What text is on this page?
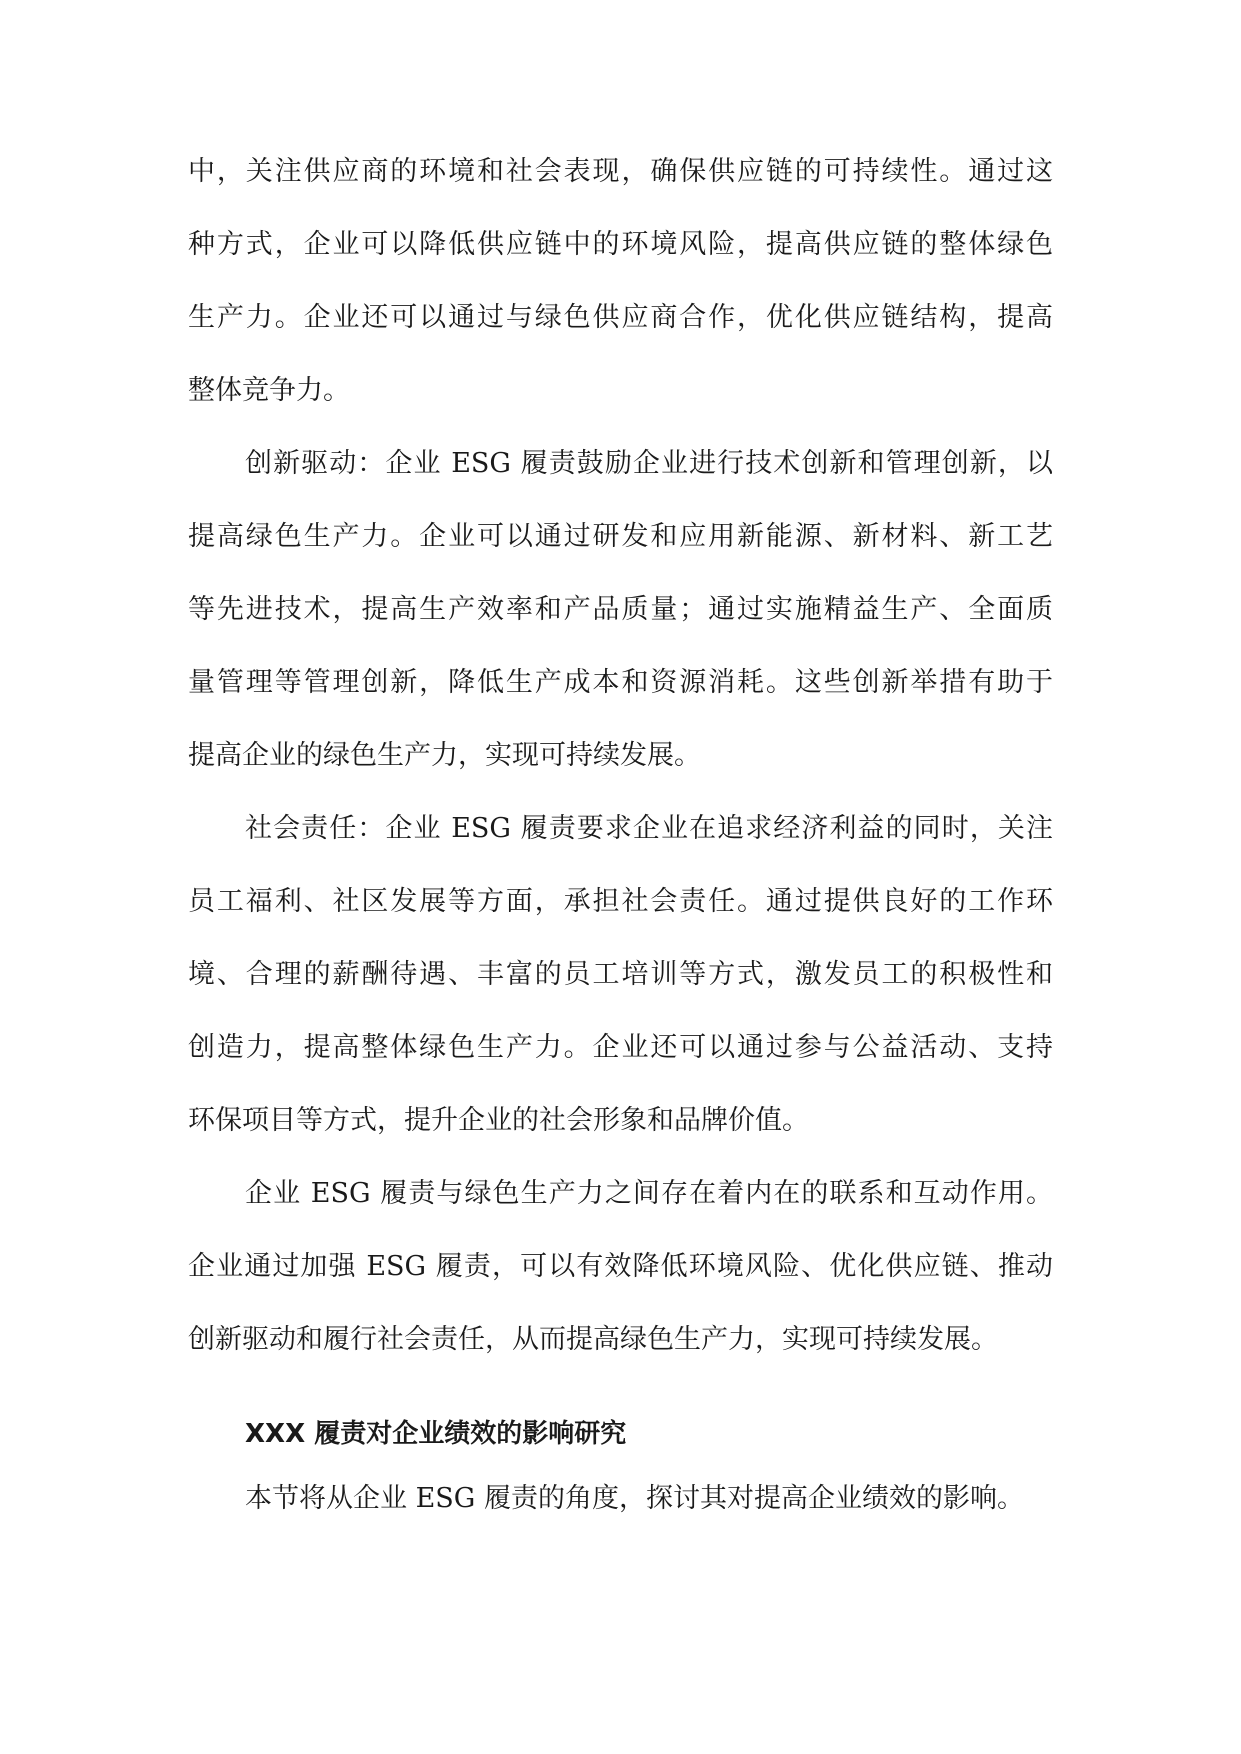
中，关注供应商的环境和社会表现，确保供应链的可持续性。通过这
种方式，企业可以降低供应链中的环境风险，提高供应链的整体绿色
生产力。企业还可以通过与绿色供应商合作，优化供应链结构，提高
整体竞争力。
创新驱动：企业 ESG 履责鼓励企业进行技术创新和管理创新，以
提高绿色生产力。企业可以通过研发和应用新能源、新材料、新工艺
等先进技术，提高生产效率和产品质量；通过实施精益生产、全面质
量管理等管理创新，降低生产成本和资源消耗。这些创新举措有助于
提高企业的绿色生产力，实现可持续发展。
社会责任：企业 ESG 履责要求企业在追求经济利益的同时，关注
员工福利、社区发展等方面，承担社会责任。通过提供良好的工作环
境、合理的薪酬待遇、丰富的员工培训等方式，激发员工的积极性和
创造力，提高整体绿色生产力。企业还可以通过参与公益活动、支持
环保项目等方式，提升企业的社会形象和品牌价值。
企业 ESG 履责与绿色生产力之间存在着内在的联系和互动作用。
企业通过加强 ESG 履责，可以有效降低环境风险、优化供应链、推动
创新驱动和履行社会责任，从而提高绿色生产力，实现可持续发展。
XXX 履责对企业绩效的影响研究
本节将从企业 ESG 履责的角度，探讨其对提高企业绩效的影响。
